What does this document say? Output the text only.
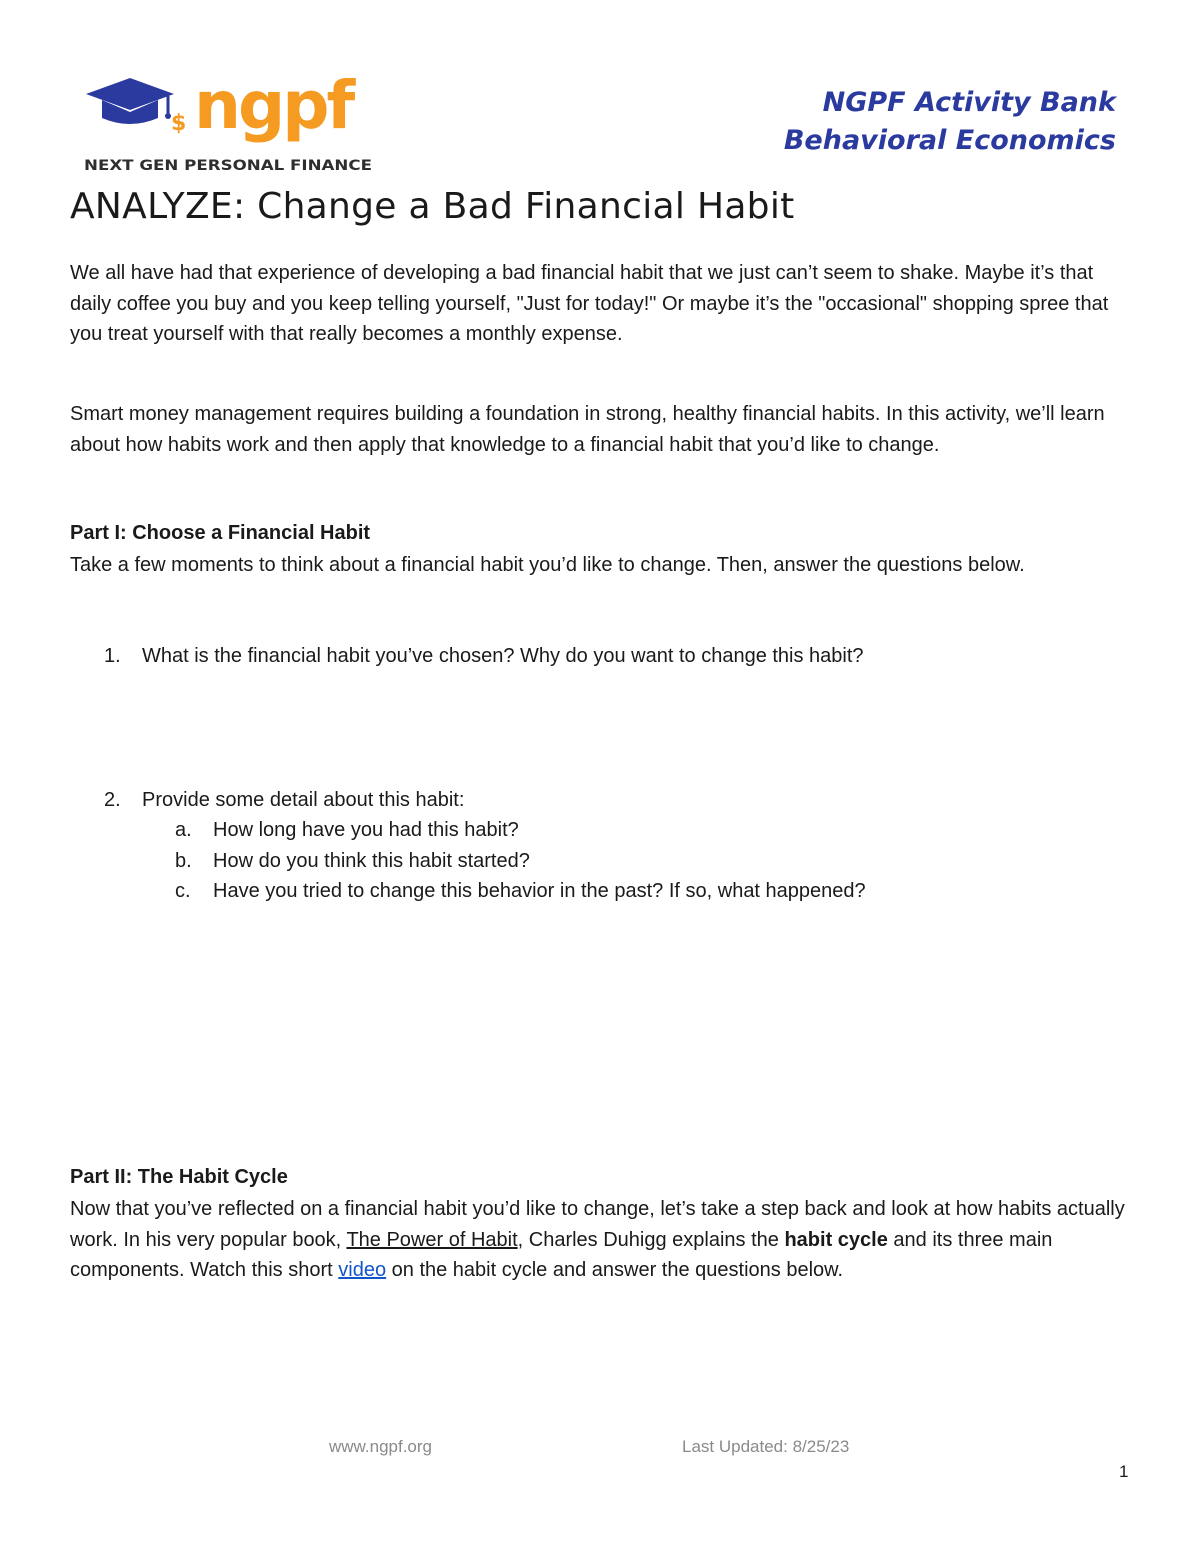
$ ngpf
NEXT GEN PERSONAL FINANCE
NGPF Activity Bank
Behavioral Economics
ANALYZE: Change a Bad Financial Habit

We all have had that experience of developing a bad financial habit that we just can’t seem to shake. Maybe it’s that daily coffee you buy and you keep telling yourself, "Just for today!" Or maybe it’s the "occasional" shopping spree that you treat yourself with that really becomes a monthly expense.

Smart money management requires building a foundation in strong, healthy financial habits. In this activity, we’ll learn about how habits work and then apply that knowledge to a financial habit that you’d like to change.

Part I: Choose a Financial Habit

Take a few moments to think about a financial habit you’d like to change. Then, answer the questions below.

1. What is the financial habit you’ve chosen? Why do you want to change this habit?
2. Provide some detail about this habit:
a. How long have you had this habit?
b. How do you think this habit started?
c. Have you tried to change this behavior in the past? If so, what happened?
Part II: The Habit Cycle

Now that you’ve reflected on a financial habit you’d like to change, let’s take a step back and look at how habits actually work. In his very popular book, The Power of Habit, Charles Duhigg explains the habit cycle and its three main components. Watch this short video on the habit cycle and answer the questions below.

www.ngpf.org	Last Updated: 8/25/23
1
